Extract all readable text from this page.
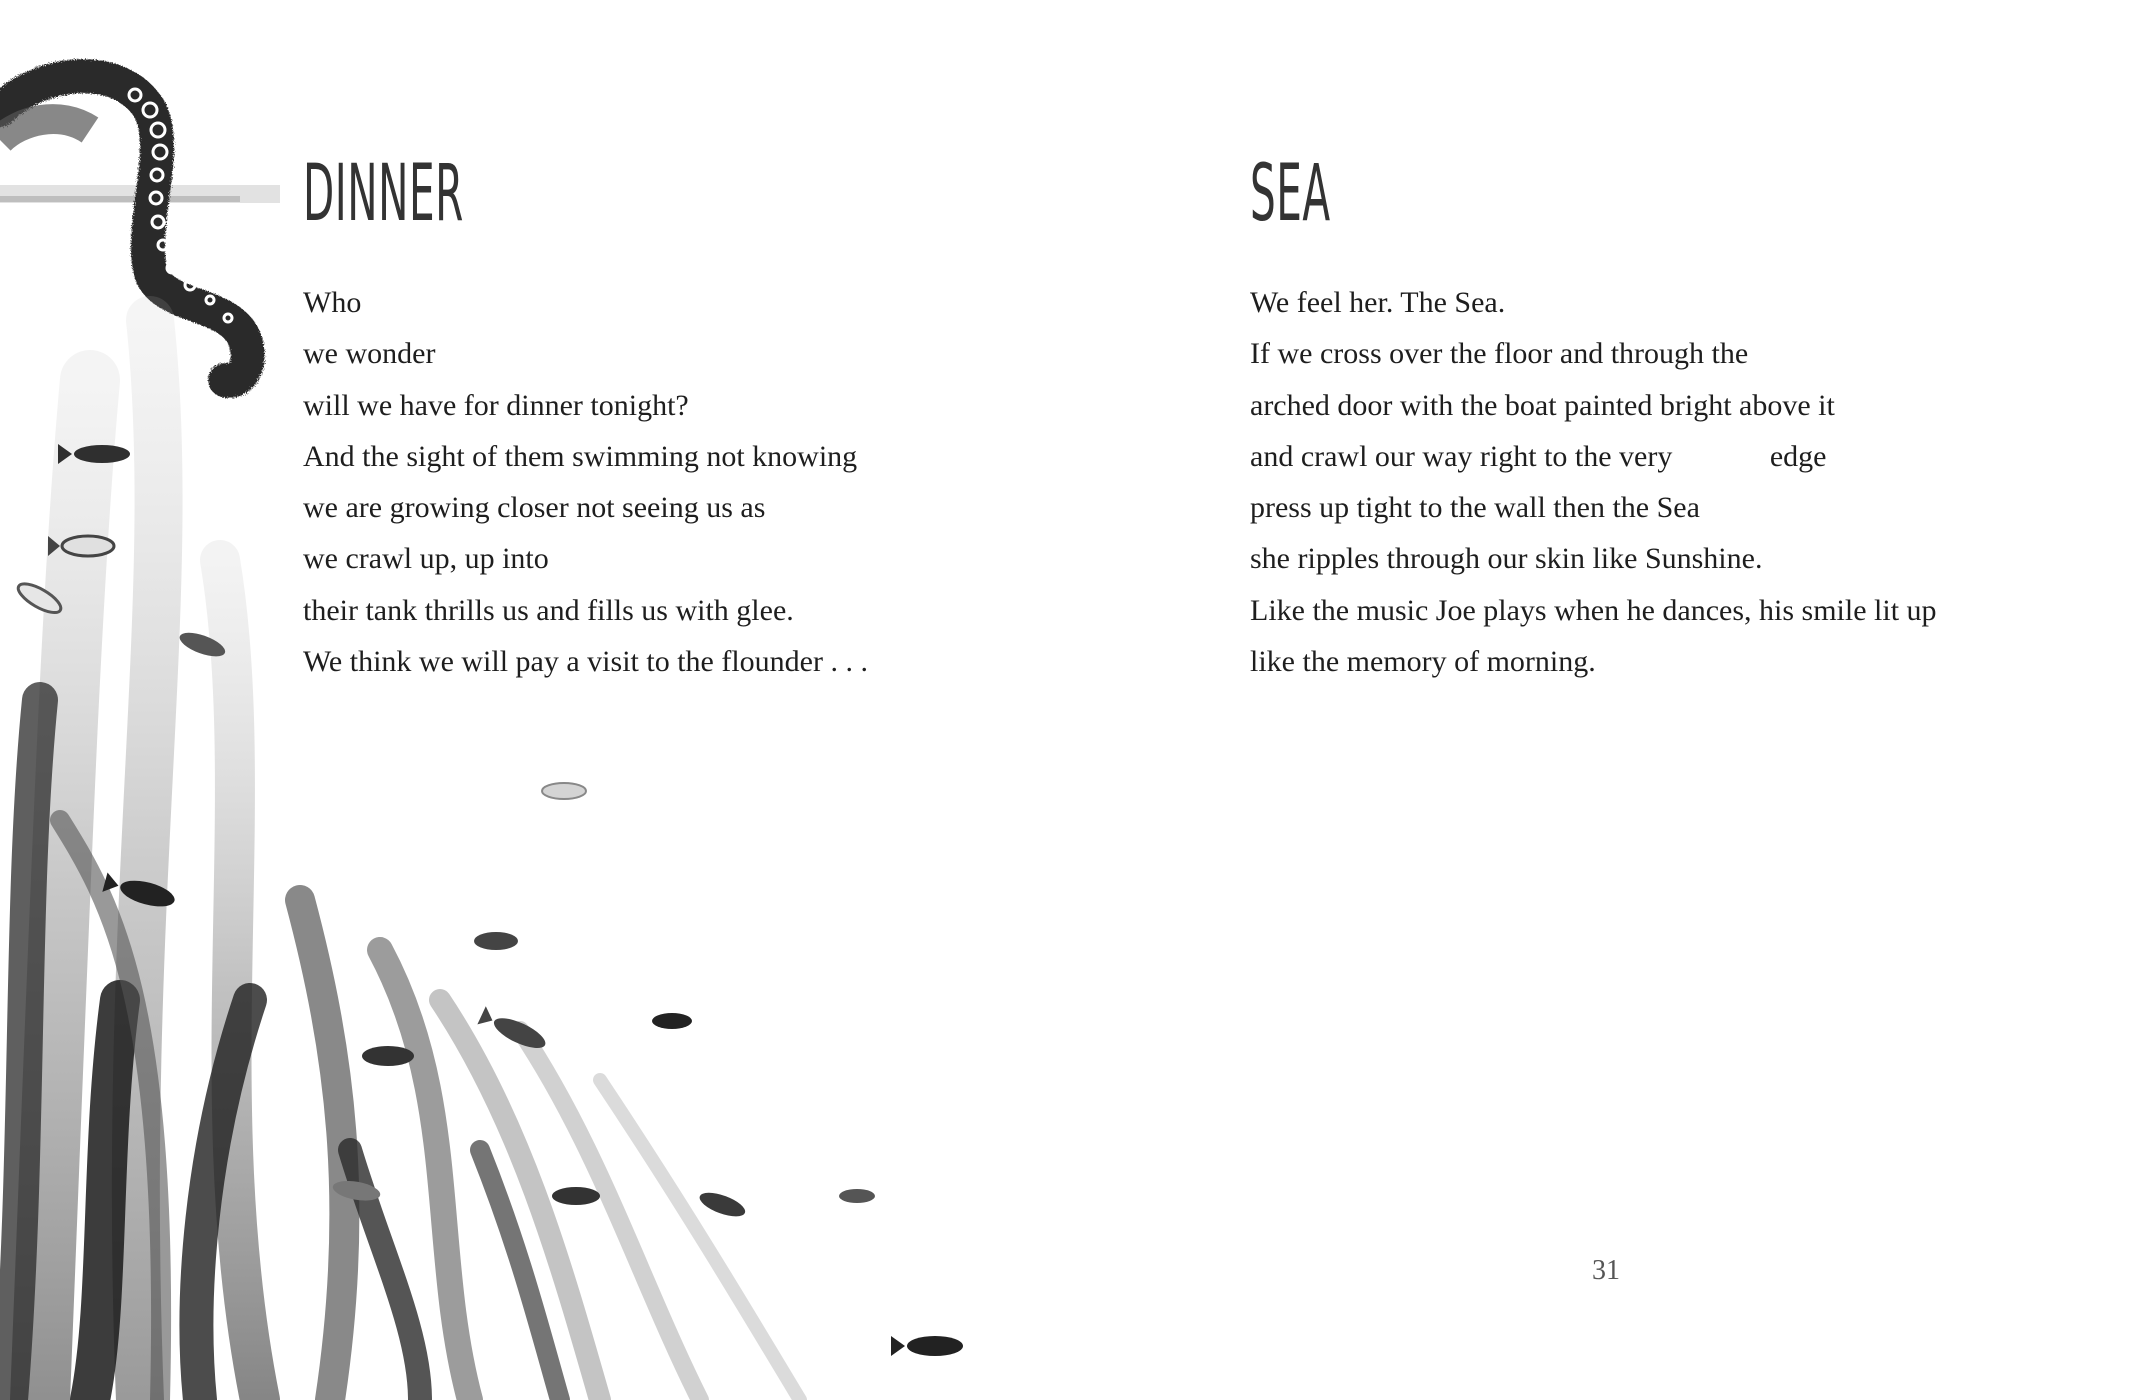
DINNER
Who
we wonder
will we have for dinner tonight?
And the sight of them swimming not knowing
we are growing closer not seeing us as
we crawl up, up into
their tank thrills us and fills us with glee.
We think we will pay a visit to the flounder . . .
SEA
We feel her. The Sea.
If we cross over the floor and through the
arched door with the boat painted bright above it
and crawl our way right to the very             edge
press up tight to the wall then the Sea
she ripples through our skin like Sunshine.
Like the music Joe plays when he dances, his smile lit up
like the memory of morning.
31
